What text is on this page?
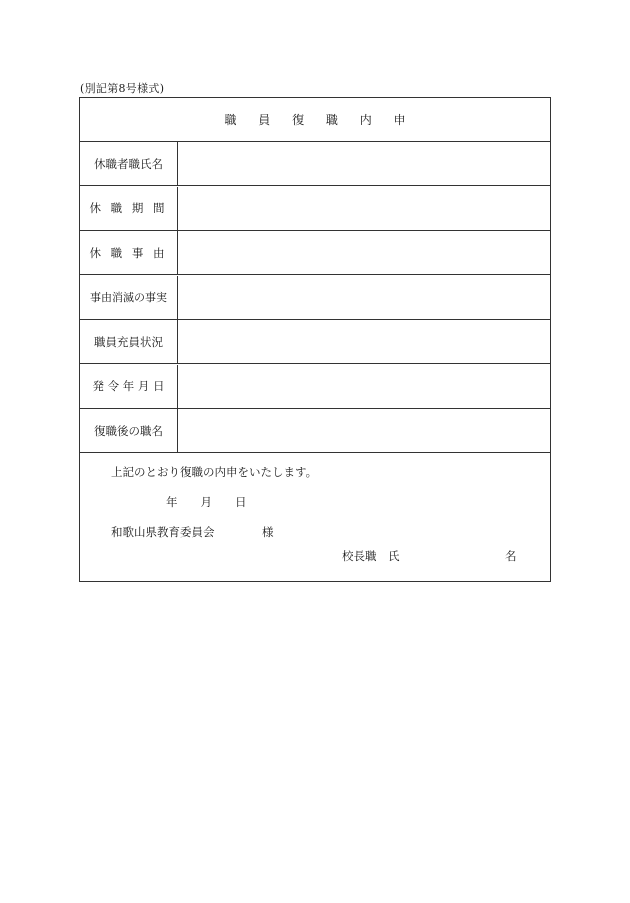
(別記第8号様式)
職 員 復 職 内 申
休職者職氏名
休 職 期 間
休 職 事 由
事由消滅の事実
職員充員状況
発 令 年 月 日
復職後の職名
上記のとおり復職の内申をいたします。
年　　月　　日
和歌山県教育委員会	様
校長職　氏	名
